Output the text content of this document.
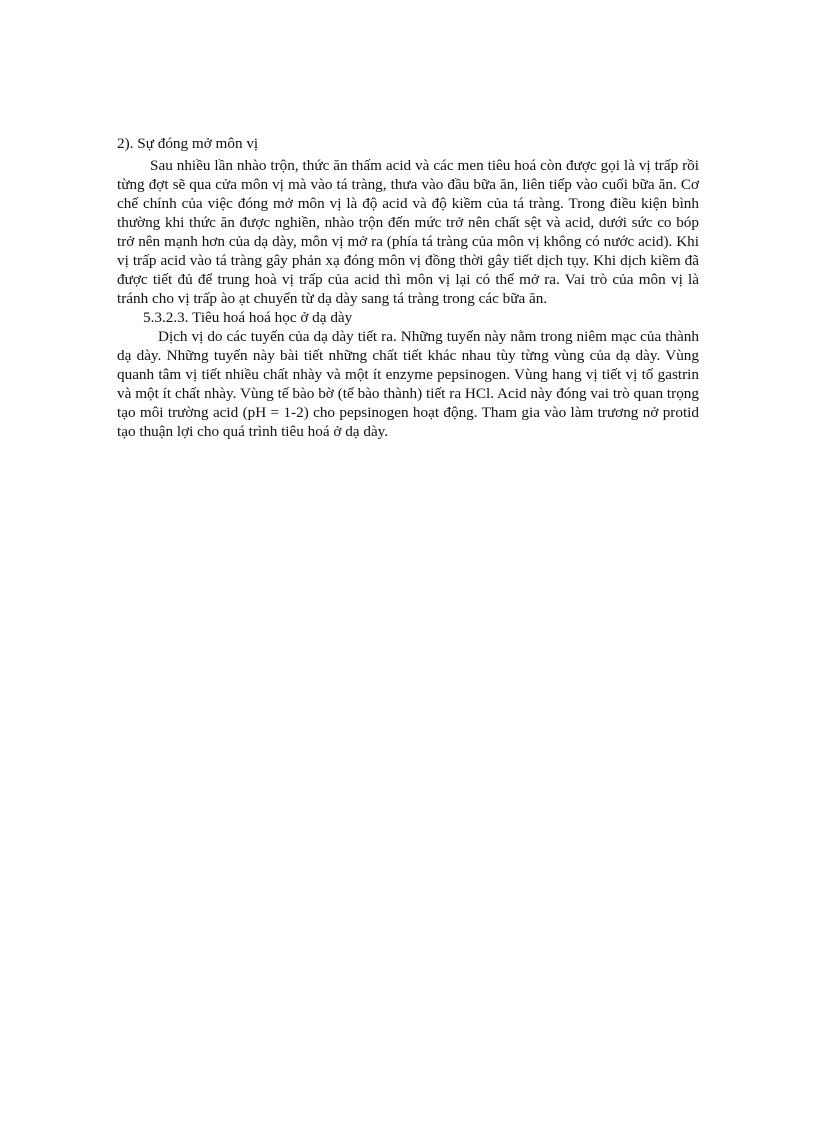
2). Sự đóng mở môn vị

Sau nhiều lần nhào trộn, thức ăn thấm acid và các men tiêu hoá còn được gọi là vị trấp rồi từng đợt sẽ qua cửa môn vị mà vào tá tràng, thưa vào đầu bữa ăn, liên tiếp vào cuối bữa ăn. Cơ chế chính của việc đóng mở môn vị là độ acid và độ kiềm của tá tràng. Trong điều kiện bình thường khi thức ăn được nghiền, nhào trộn đến mức trở nên chất sệt và acid, dưới sức co bóp trở nên mạnh hơn của dạ dày, môn vị mở ra (phía tá tràng của môn vị không có nước acid). Khi vị trấp acid vào tá tràng gây phản xạ đóng môn vị đồng thời gây tiết dịch tụy. Khi dịch kiềm đã được tiết đủ để trung hoà vị trấp của acid thì môn vị lại có thể mở ra. Vai trò của môn vị là tránh cho vị trấp ào ạt chuyển từ dạ dày sang tá tràng trong các bữa ăn.

5.3.2.3. Tiêu hoá hoá học ở dạ dày

Dịch vị do các tuyến của dạ dày tiết ra. Những tuyến này nằm trong niêm mạc của thành dạ dày. Những tuyến này bài tiết những chất tiết khác nhau tùy từng vùng của dạ dày. Vùng quanh tâm vị tiết nhiều chất nhày và một ít enzyme pepsinogen. Vùng hang vị tiết vị tố gastrin và một ít chất nhày. Vùng tế bào bờ (tế bào thành) tiết ra HCl. Acid này đóng vai trò quan trọng tạo môi trường acid (pH = 1-2) cho pepsinogen hoạt động. Tham gia vào làm trương nở protid tạo thuận lợi cho quá trình tiêu hoá ở dạ dày.
